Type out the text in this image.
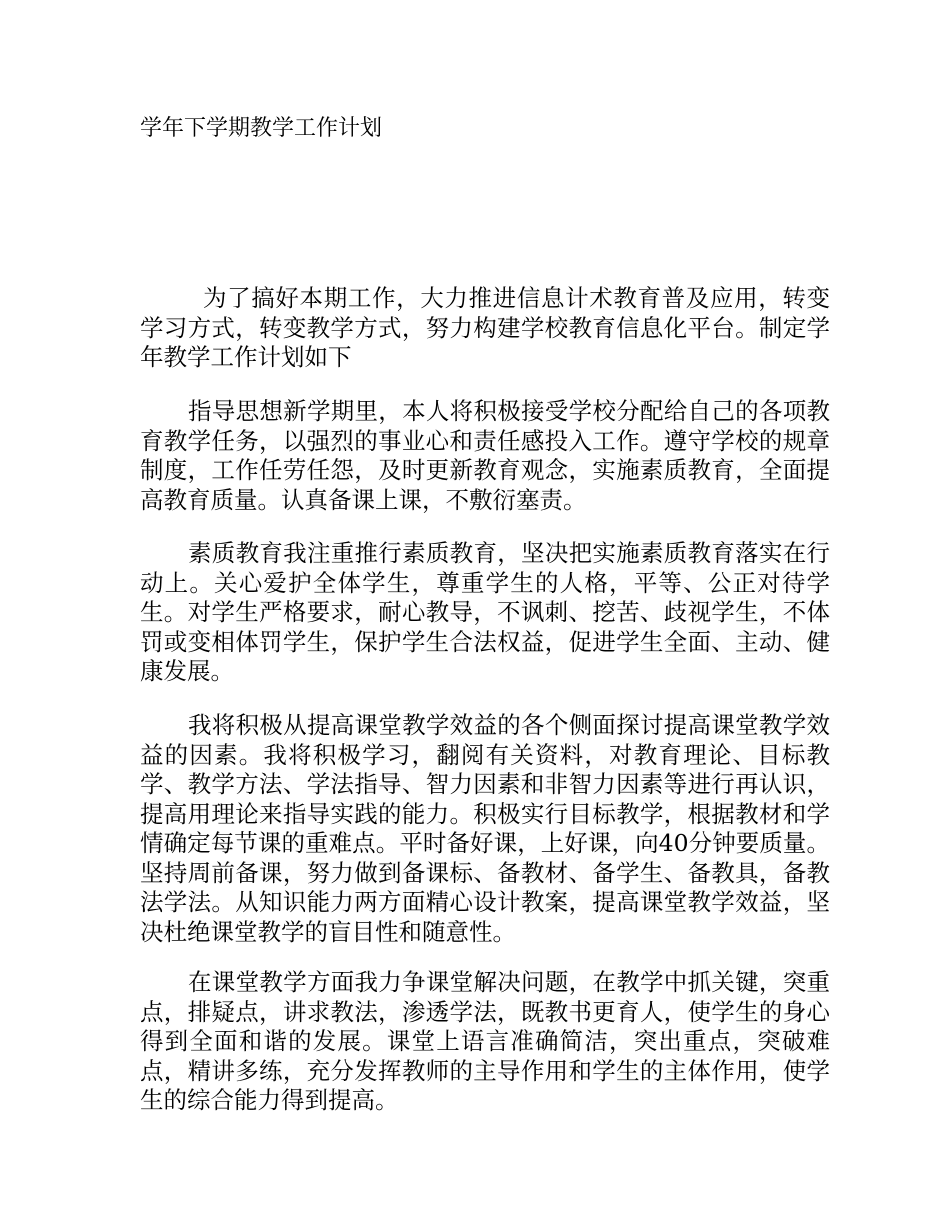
学年下学期教学工作计划

为了搞好本期工作，大力推进信息计术教育普及应用，转变学习方式，转变教学方式，努力构建学校教育信息化平台。制定学年教学工作计划如下

指导思想新学期里，本人将积极接受学校分配给自己的各项教育教学任务，以强烈的事业心和责任感投入工作。遵守学校的规章制度，工作任劳任怨，及时更新教育观念，实施素质教育，全面提高教育质量。认真备课上课，不敷衍塞责。

素质教育我注重推行素质教育，坚决把实施素质教育落实在行动上。关心爱护全体学生，尊重学生的人格，平等、公正对待学生。对学生严格要求，耐心教导，不讽刺、挖苦、歧视学生，不体罚或变相体罚学生，保护学生合法权益，促进学生全面、主动、健康发展。

我将积极从提高课堂教学效益的各个侧面探讨提高课堂教学效益的因素。我将积极学习，翻阅有关资料，对教育理论、目标教学、教学方法、学法指导、智力因素和非智力因素等进行再认识，提高用理论来指导实践的能力。积极实行目标教学，根据教材和学情确定每节课的重难点。平时备好课，上好课，向40分钟要质量。坚持周前备课，努力做到备课标、备教材、备学生、备教具，备教法学法。从知识能力两方面精心设计教案，提高课堂教学效益，坚决杜绝课堂教学的盲目性和随意性。

在课堂教学方面我力争课堂解决问题，在教学中抓关键，突重点，排疑点，讲求教法，渗透学法，既教书更育人，使学生的身心得到全面和谐的发展。课堂上语言准确简洁，突出重点，突破难点，精讲多练，充分发挥教师的主导作用和学生的主体作用，使学生的综合能力得到提高。
